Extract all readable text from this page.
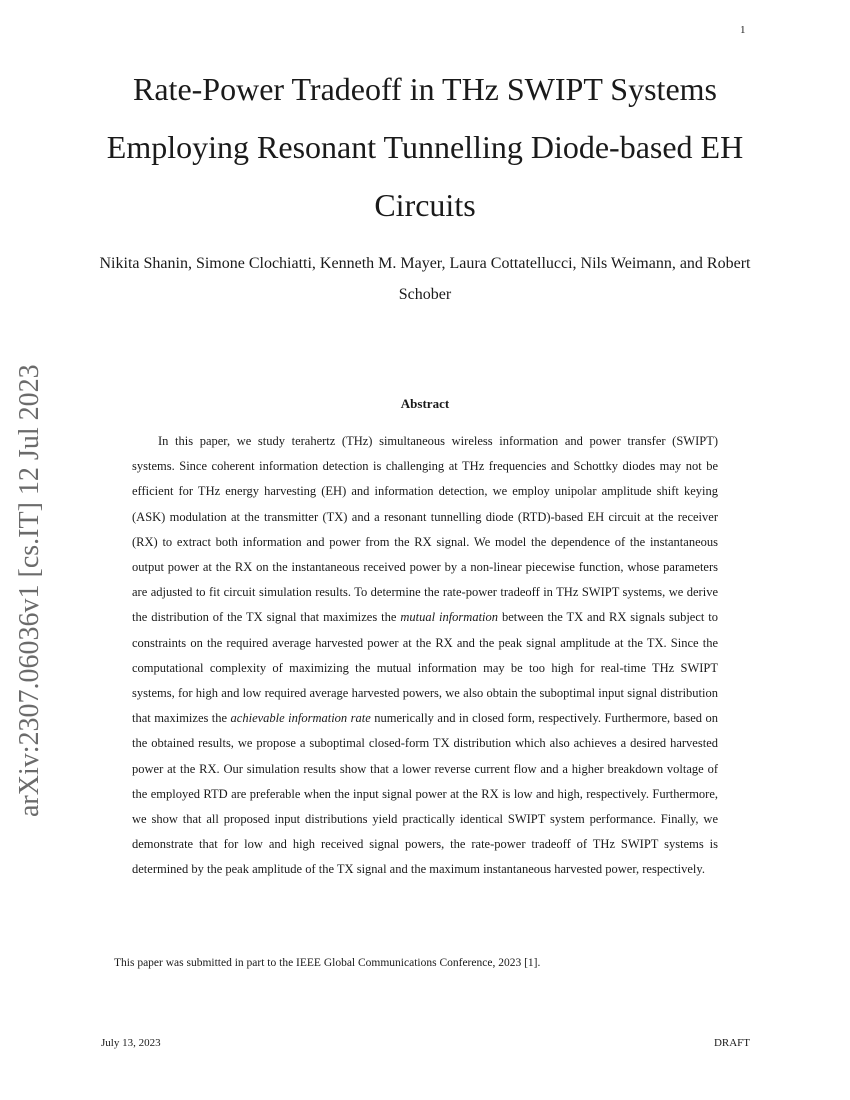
1
arXiv:2307.06036v1 [cs.IT] 12 Jul 2023
Rate-Power Tradeoff in THz SWIPT Systems Employing Resonant Tunnelling Diode-based EH Circuits
Nikita Shanin, Simone Clochiatti, Kenneth M. Mayer, Laura Cottatellucci, Nils Weimann, and Robert Schober
Abstract

In this paper, we study terahertz (THz) simultaneous wireless information and power transfer (SWIPT) systems. Since coherent information detection is challenging at THz frequencies and Schottky diodes may not be efficient for THz energy harvesting (EH) and information detection, we employ unipolar amplitude shift keying (ASK) modulation at the transmitter (TX) and a resonant tunnelling diode (RTD)-based EH circuit at the receiver (RX) to extract both information and power from the RX signal. We model the dependence of the instantaneous output power at the RX on the instantaneous received power by a non-linear piecewise function, whose parameters are adjusted to fit circuit simulation results. To determine the rate-power tradeoff in THz SWIPT systems, we derive the distribution of the TX signal that maximizes the mutual information between the TX and RX signals subject to constraints on the required average harvested power at the RX and the peak signal amplitude at the TX. Since the computational complexity of maximizing the mutual information may be too high for real-time THz SWIPT systems, for high and low required average harvested powers, we also obtain the suboptimal input signal distribution that maximizes the achievable information rate numerically and in closed form, respectively. Furthermore, based on the obtained results, we propose a suboptimal closed-form TX distribution which also achieves a desired harvested power at the RX. Our simulation results show that a lower reverse current flow and a higher breakdown voltage of the employed RTD are preferable when the input signal power at the RX is low and high, respectively. Furthermore, we show that all proposed input distributions yield practically identical SWIPT system performance. Finally, we demonstrate that for low and high received signal powers, the rate-power tradeoff of THz SWIPT systems is determined by the peak amplitude of the TX signal and the maximum instantaneous harvested power, respectively.

This paper was submitted in part to the IEEE Global Communications Conference, 2023 [1].
July 13, 2023	DRAFT
